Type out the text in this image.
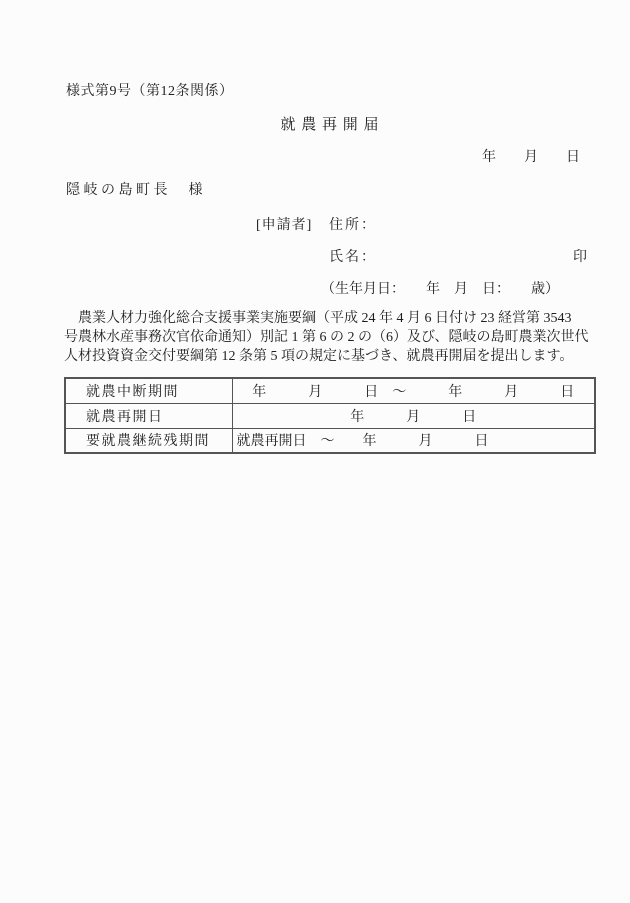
様式第9号（第12条関係）
就 農 再 開 届
年　　月　　日
隠岐の島町長　様
[申請者] 住所：
氏名：	印
（生年月日：　　年　月　日：　　歳）
　農業人材力強化総合支援事業実施要綱（平成 24 年 4 月 6 日付け 23 経営第 3543
号農林水産事務次官依命通知）別記 1 第 6 の 2 の（6）及び、隠岐の島町農業次世代
人材投資資金交付要綱第 12 条第 5 項の規定に基づき、就農再開届を提出します。
就農中断期間	年　　　月　　　日　～　　　年　　　月　　　日
就農再開日	年　　　月　　　日
要就農継続残期間	就農再開日　～　　年　　　月　　　日
